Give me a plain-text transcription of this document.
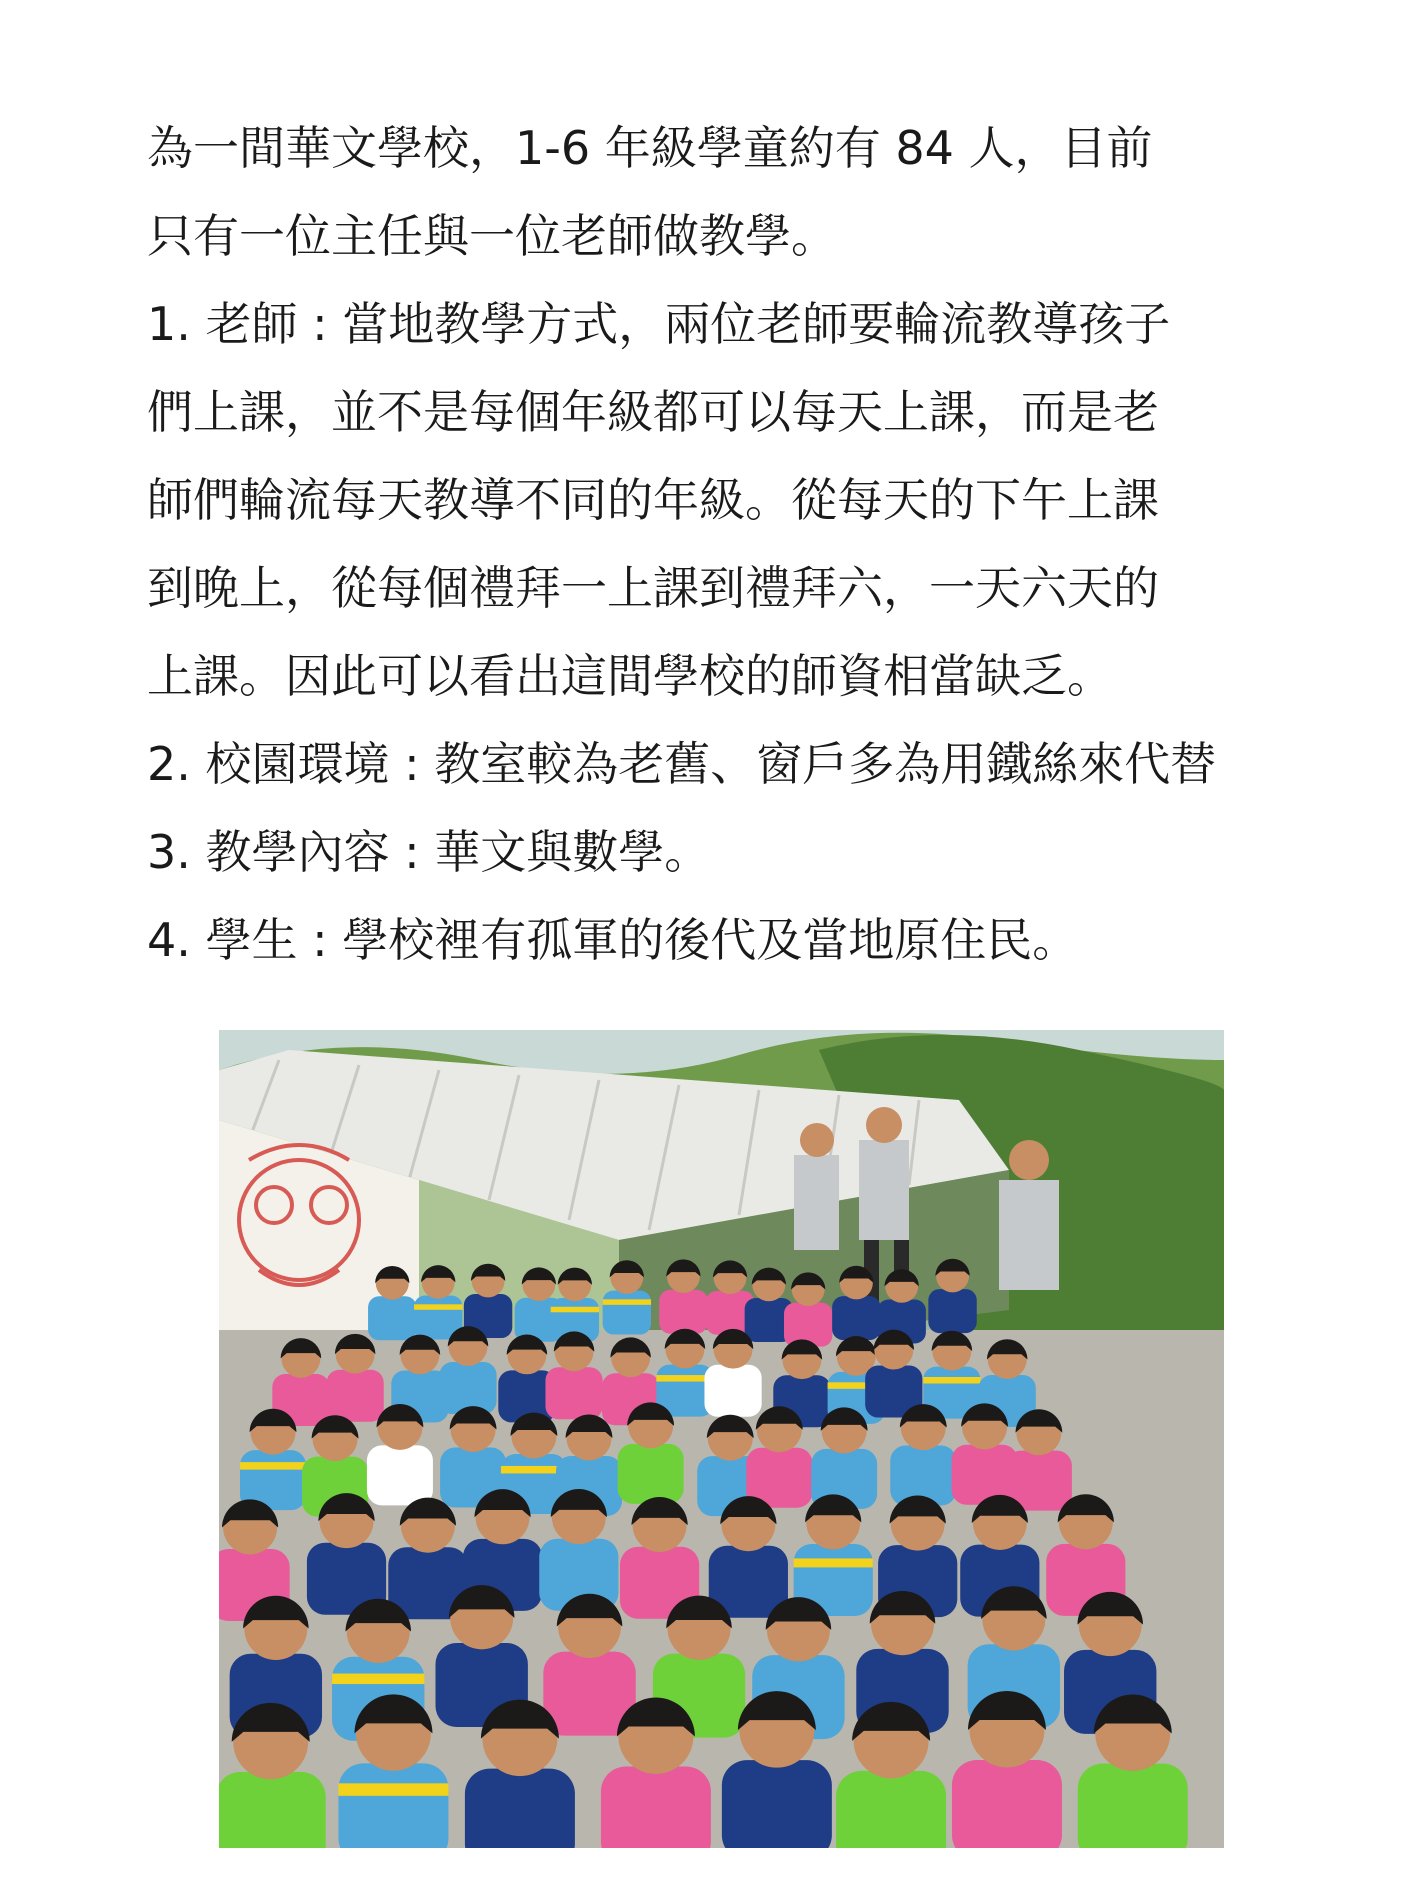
為一間華文學校，1-6 年級學童約有 84 人，目前
只有一位主任與一位老師做教學。
1. 老師 : 當地教學方式，兩位老師要輪流教導孩子
們上課，並不是每個年級都可以每天上課，而是老
師們輪流每天教導不同的年級。從每天的下午上課
到晚上，從每個禮拜一上課到禮拜六，一天六天的
上課。因此可以看出這間學校的師資相當缺乏。
2. 校園環境 : 教室較為老舊、窗戶多為用鐵絲來代替
3. 教學內容 : 華文與數學。
4. 學生 : 學校裡有孤軍的後代及當地原住民。
